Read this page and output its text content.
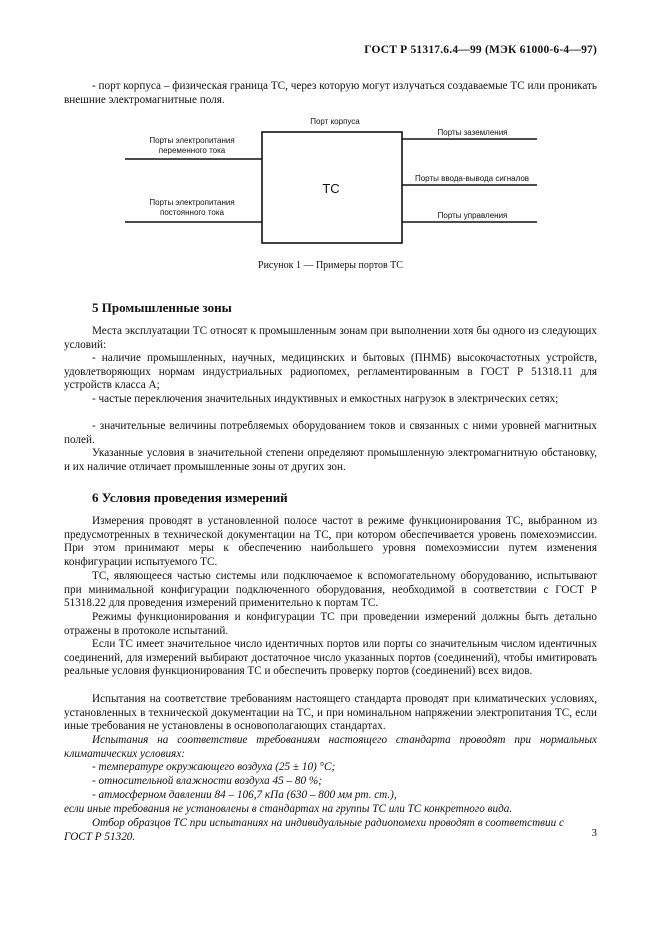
ГОСТ Р 51317.6.4—99 (МЭК 61000-6-4—97)

- порт корпуса – физическая граница ТС, через которую могут излучаться создаваемые ТС или проникать внешние электромагнитные поля.

Порт корпуса
ТС
Порты электропитания переменного тока
Порты электропитания постоянного тока
Порты заземления
Порты ввода-вывода сигналов
Порты управления
Рисунок 1 — Примеры портов ТС
5 Промышленные зоны

Места эксплуатации ТС относят к промышленным зонам при выполнении хотя бы одного из следующих условий:

- наличие промышленных, научных, медицинских и бытовых (ПНМБ) высокочастотных устройств, удовлетворяющих нормам индустриальных радиопомех, регламентированным в ГОСТ Р 51318.11 для устройств класса А;

- частые переключения значительных индуктивных и емкостных нагрузок в электрических сетях;

- значительные величины потребляемых оборудованием токов и связанных с ними уровней магнитных полей.

Указанные условия в значительной степени определяют промышленную электромагнитную обстановку, и их наличие отличает промышленные зоны от других зон.

6 Условия проведения измерений

Измерения проводят в установленной полосе частот в режиме функционирования ТС, выбранном из предусмотренных в технической документации на ТС, при котором обеспечивается уровень помехоэмиссии. При этом принимают меры к обеспечению наибольшего уровня помехоэмиссии путем изменения конфигурации испытуемого ТС.

ТС, являющееся частью системы или подключаемое к вспомогательному оборудованию, испытывают при минимальной конфигурации подключенного оборудования, необходимой в соответствии с ГОСТ Р 51318.22 для проведения измерений применительно к портам ТС.

Режимы функционирования и конфигурации ТС при проведении измерений должны быть детально отражены в протоколе испытаний.

Если ТС имеет значительное число идентичных портов или порты со значительным числом идентичных соединений, для измерений выбирают достаточное число указанных портов (соединений), чтобы имитировать реальные условия функционирования ТС и обеспечить проверку портов (соединений) всех видов.

Испытания на соответствие требованиям настоящего стандарта проводят при климатических условиях, установленных в технической документации на ТС, и при номинальном напряжении электропитания ТС, если иные требования не установлены в основополагающих стандартах.

Испытания на соответствие требованиям настоящего стандарта проводят при нормальных климатических условиях:

- температуре окружающего воздуха (25 ± 10) °С;

- относительной влажности воздуха 45 – 80 %;

- атмосферном давлении 84 – 106,7 кПа (630 – 800 мм рт. ст.),

если иные требования не установлены в стандартах на группы ТС или ТС конкретного вида.

Отбор образцов ТС при испытаниях на индивидуальные радиопомехи проводят в соответствии с ГОСТ Р 51320.	3
